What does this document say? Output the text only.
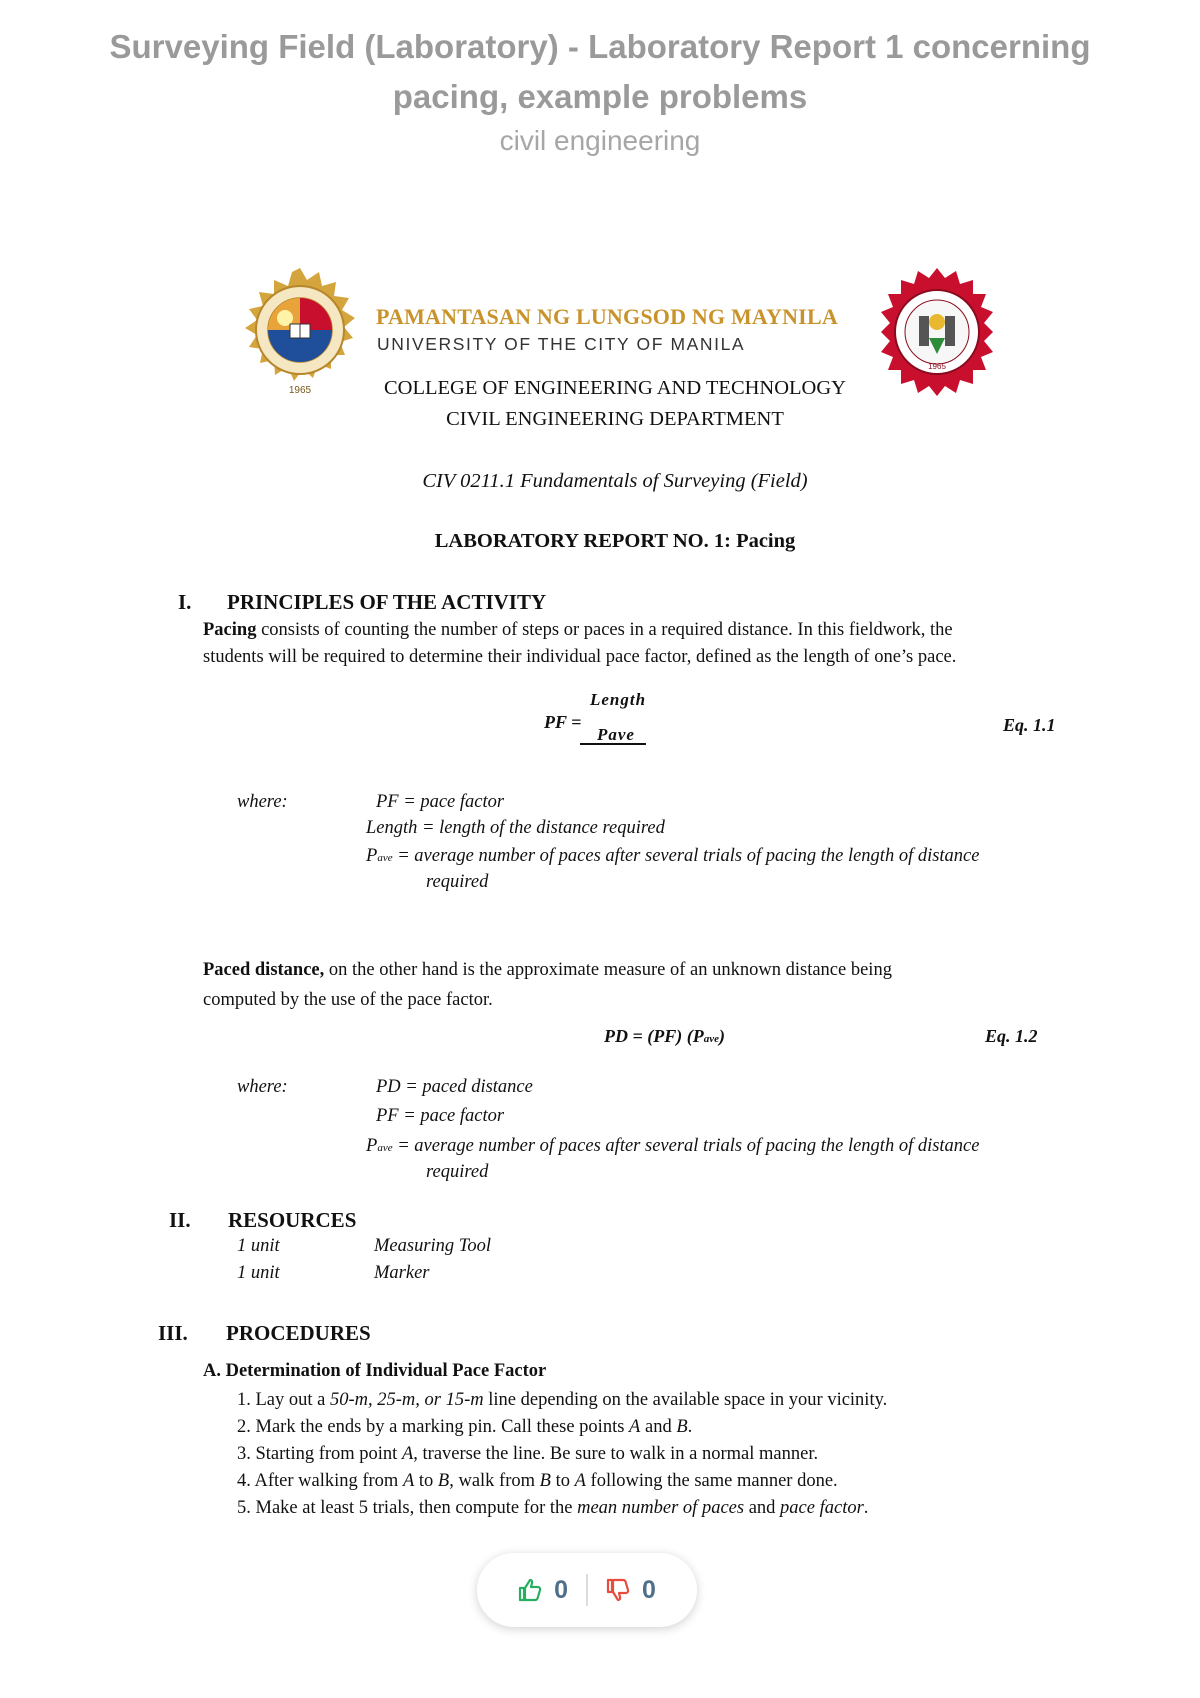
Surveying Field (Laboratory) - Laboratory Report 1 concerning pacing, example problems
civil engineering
1965
PAMANTASAN NG LUNGSOD NG MAYNILA
UNIVERSITY OF THE CITY OF MANILA
1965
COLLEGE OF ENGINEERING AND TECHNOLOGY
CIVIL ENGINEERING DEPARTMENT
CIV 0211.1 Fundamentals of Surveying (Field)
LABORATORY REPORT NO. 1: Pacing
I. PRINCIPLES OF THE ACTIVITY
Pacing consists of counting the number of steps or paces in a required distance. In this fieldwork, the
students will be required to determine their individual pace factor, defined as the length of one’s pace.
PF =
Length
Pave	Eq. 1.1
where:	PF = pace factor
Length = length of the distance required
Pave = average number of paces after several trials of pacing the length of distance
required
Paced distance, on the other hand is the approximate measure of an unknown distance being
computed by the use of the pace factor.
PD = (PF) (Pave)	Eq. 1.2
where:	PD = paced distance
PF = pace factor
Pave = average number of paces after several trials of pacing the length of distance
required
II. RESOURCES
1 unit	Measuring Tool
1 unit	Marker
III. PROCEDURES
A. Determination of Individual Pace Factor
1. Lay out a 50-m, 25-m, or 15-m line depending on the available space in your vicinity.
2. Mark the ends by a marking pin. Call these points A and B.
3. Starting from point A, traverse the line. Be sure to walk in a normal manner.
4. After walking from A to B, walk from B to A following the same manner done.
5. Make at least 5 trials, then compute for the mean number of paces and pace factor.
0	0
